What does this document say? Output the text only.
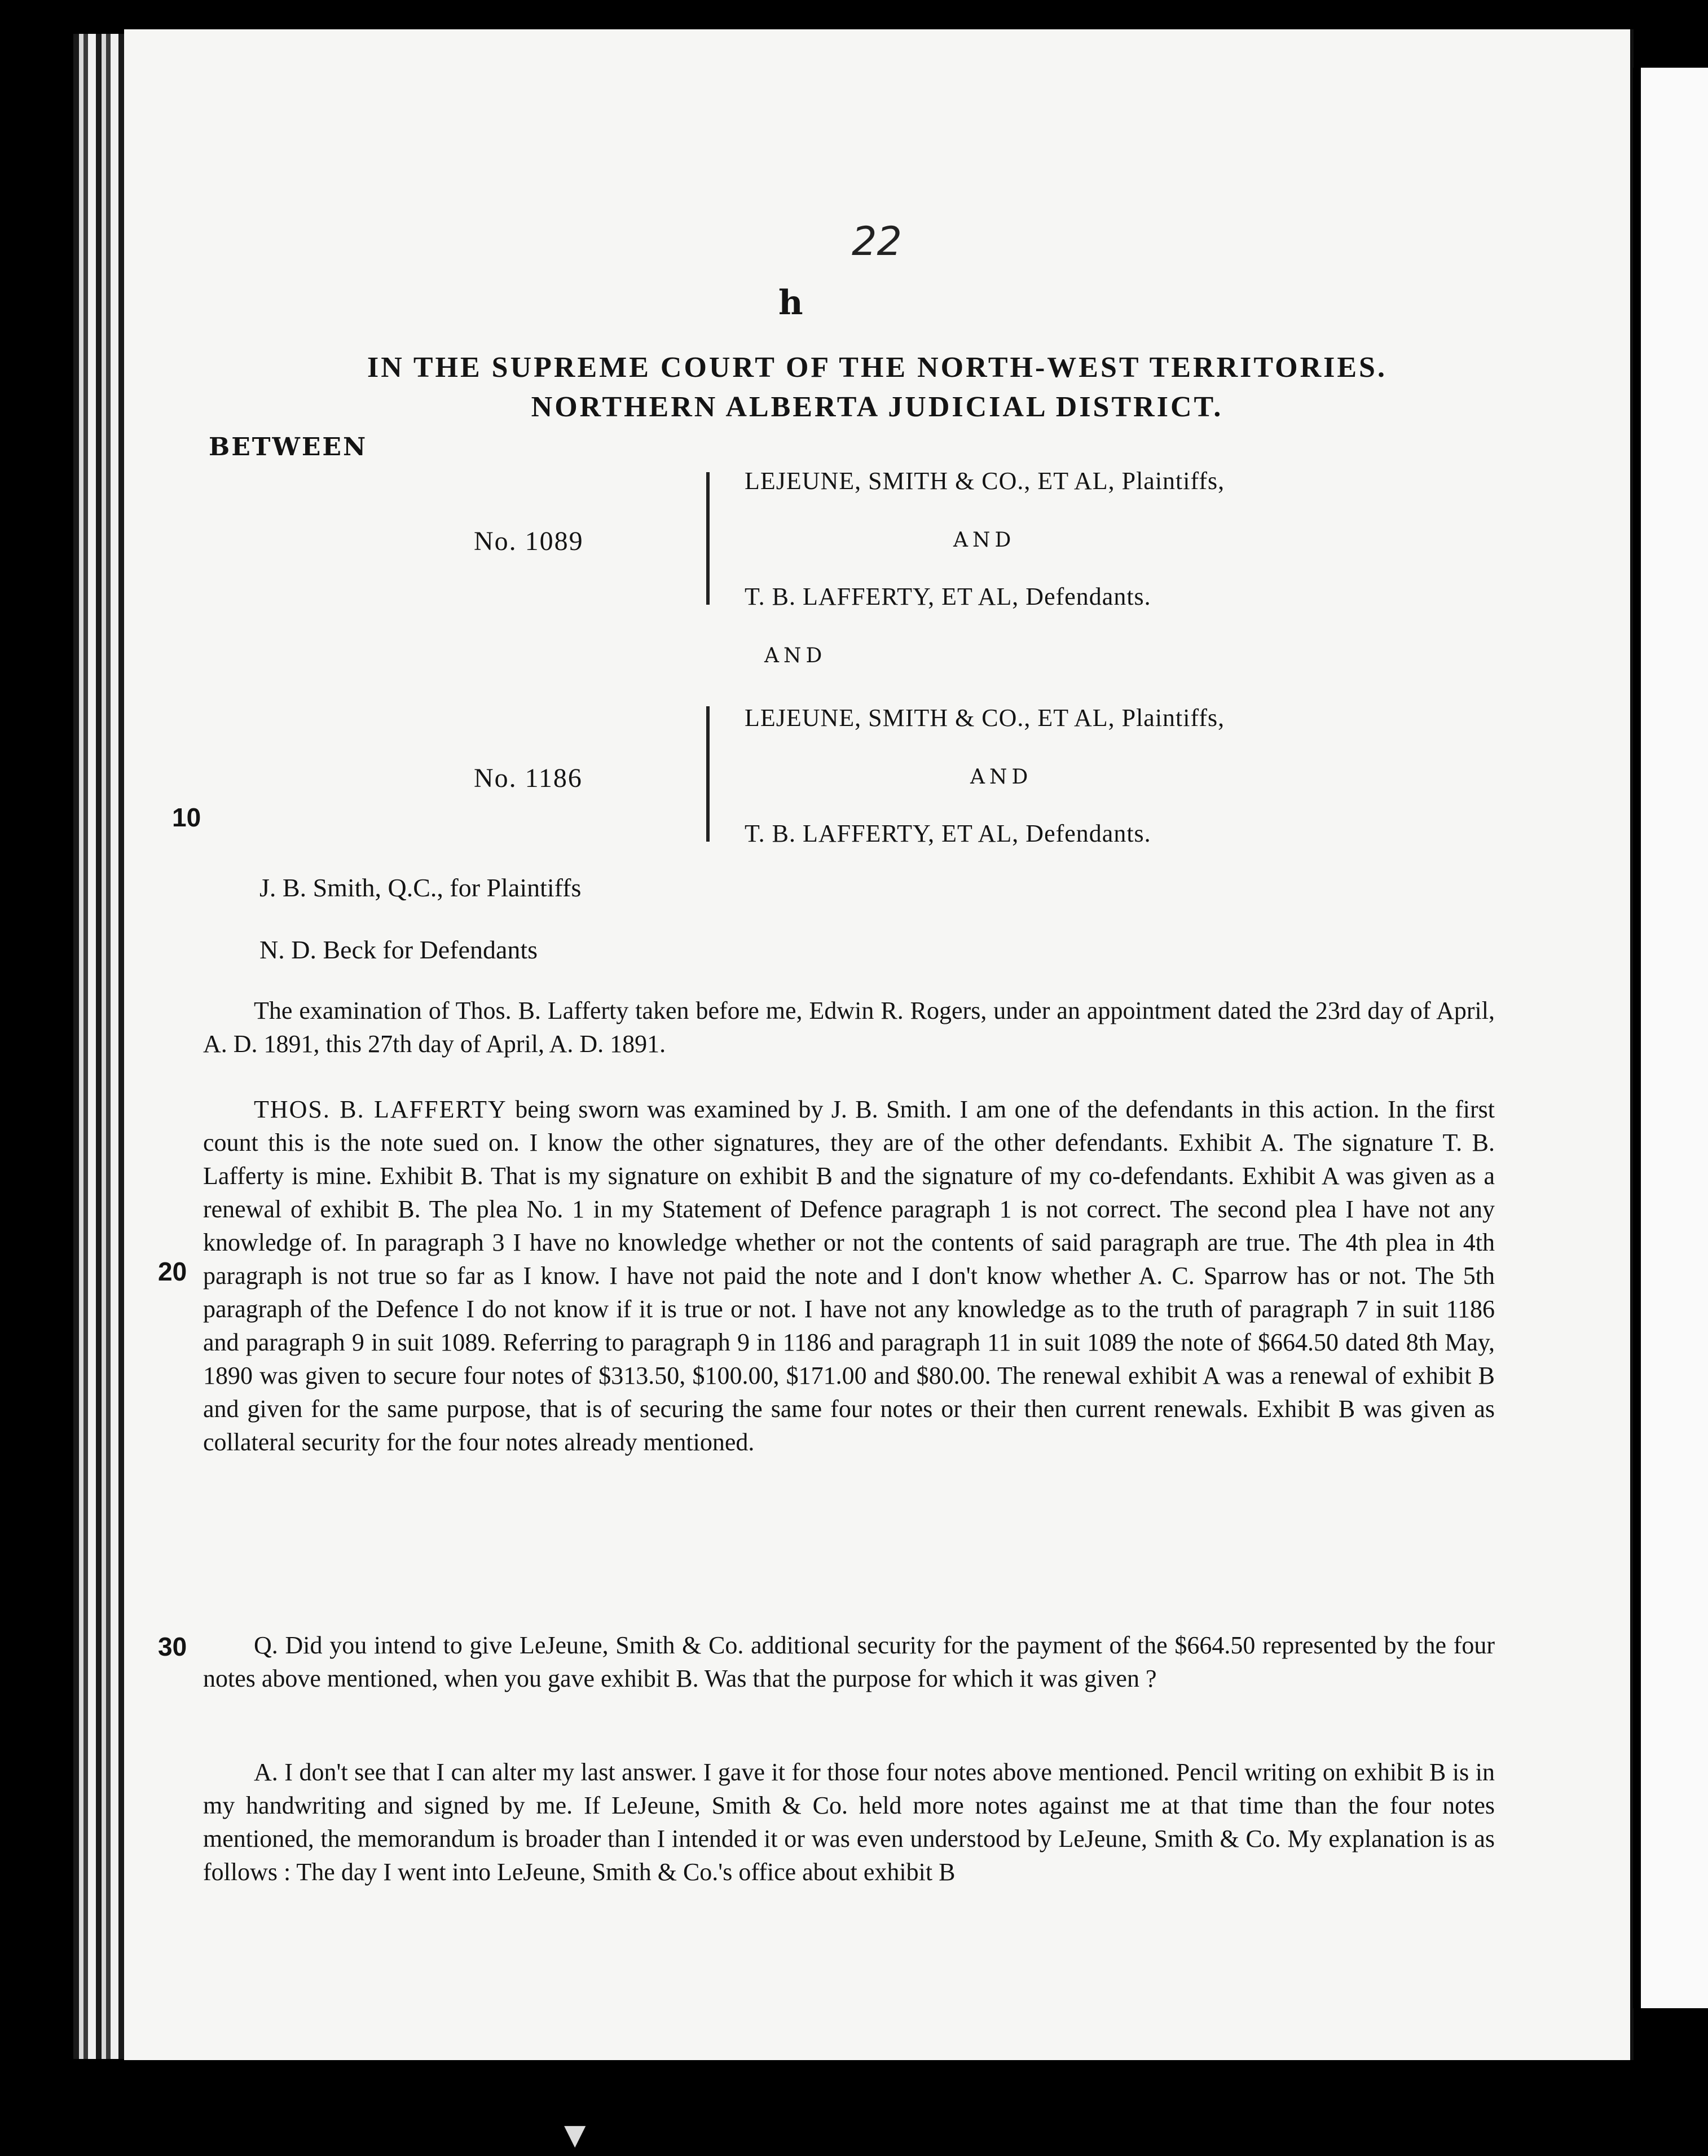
22
h
IN THE SUPREME COURT OF THE NORTH-WEST TERRITORIES.
NORTHERN ALBERTA JUDICIAL DISTRICT.
BETWEEN
No. 1089
LEJEUNE, SMITH & CO., ET AL, Plaintiffs,
AND
T. B. LAFFERTY, ET AL, Defendants.
AND
No. 1186
LEJEUNE, SMITH & CO., ET AL, Plaintiffs,
AND
T. B. LAFFERTY, ET AL, Defendants.
10
J. B. Smith, Q.C., for Plaintiffs
N. D. Beck for Defendants
The examination of Thos. B. Lafferty taken before me, Edwin R. Rogers, under an appointment dated the 23rd day of April, A. D. 1891, this 27th day of April, A. D. 1891.
THOS. B. LAFFERTY being sworn was examined by J. B. Smith. I am one of the defendants in this action. In the first count this is the note sued on. I know the other signatures, they are of the other defendants. Exhibit A. The signature T. B. Lafferty is mine. Exhibit B. That is my signature on exhibit B and the signature of my co-defendants. Exhibit A was given as a renewal of exhibit B. The plea No. 1 in my Statement of Defence paragraph 1 is not correct. The second plea I have not any knowledge of. In paragraph 3 I have no knowledge whether or not the contents of said paragraph are true. The 4th plea in 4th paragraph is not true so far as I know. I have not paid the note and I don't know whether A. C. Sparrow has or not. The 5th paragraph of the Defence I do not know if it is true or not. I have not any knowledge as to the truth of paragraph 7 in suit 1186 and paragraph 9 in suit 1089. Referring to paragraph 9 in 1186 and paragraph 11 in suit 1089 the note of $664.50 dated 8th May, 1890 was given to secure four notes of $313.50, $100.00, $171.00 and $80.00. The renewal exhibit A was a renewal of exhibit B and given for the same purpose, that is of securing the same four notes or their then current renewals. Exhibit B was given as collateral security for the four notes already mentioned.
20
30	Q. Did you intend to give LeJeune, Smith & Co. additional security for the payment of the $664.50 represented by the four notes above mentioned, when you gave exhibit B. Was that the purpose for which it was given ?
A. I don't see that I can alter my last answer. I gave it for those four notes above mentioned. Pencil writing on exhibit B is in my handwriting and signed by me. If LeJeune, Smith & Co. held more notes against me at that time than the four notes mentioned, the memorandum is broader than I intended it or was even understood by LeJeune, Smith & Co. My explanation is as follows : The day I went into LeJeune, Smith & Co.'s office about exhibit B
▼
